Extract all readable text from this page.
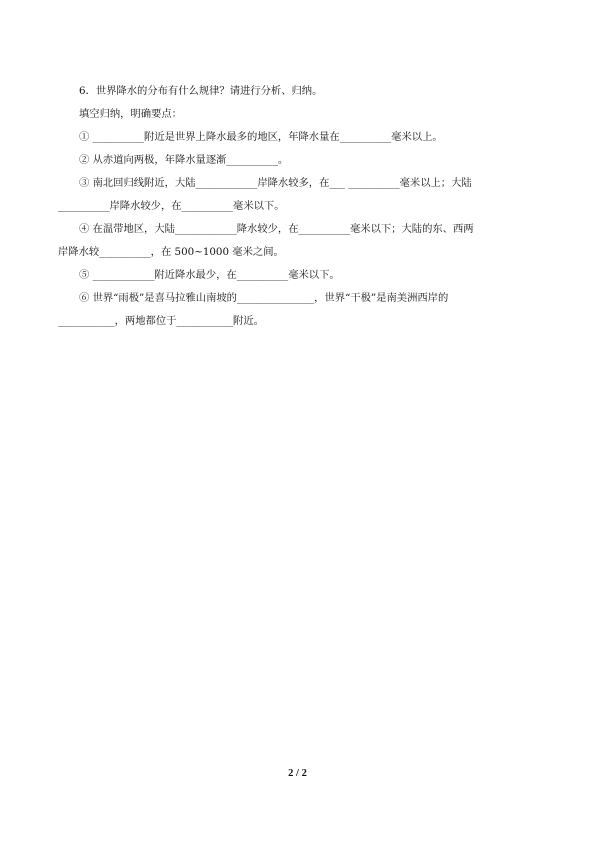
6．世界降水的分布有什么规律？请进行分析、归纳。
填空归纳，明确要点：
① __________附近是世界上降水最多的地区，年降水量在__________毫米以上。
② 从赤道向两极，年降水量逐渐__________。
③ 南北回归线附近，大陆____________岸降水较多，在___ __________毫米以上；大陆
__________岸降水较少，在__________毫米以下。
④ 在温带地区，大陆____________降水较少，在__________毫米以下；大陆的东、西两
岸降水较__________，在 500~1000 毫米之间。
⑤ ____________附近降水最少，在__________毫米以下。
⑥ 世界“雨极”是喜马拉雅山南坡的_______________，世界“干极”是南美洲西岸的
___________，两地都位于___________附近。
2 / 2
